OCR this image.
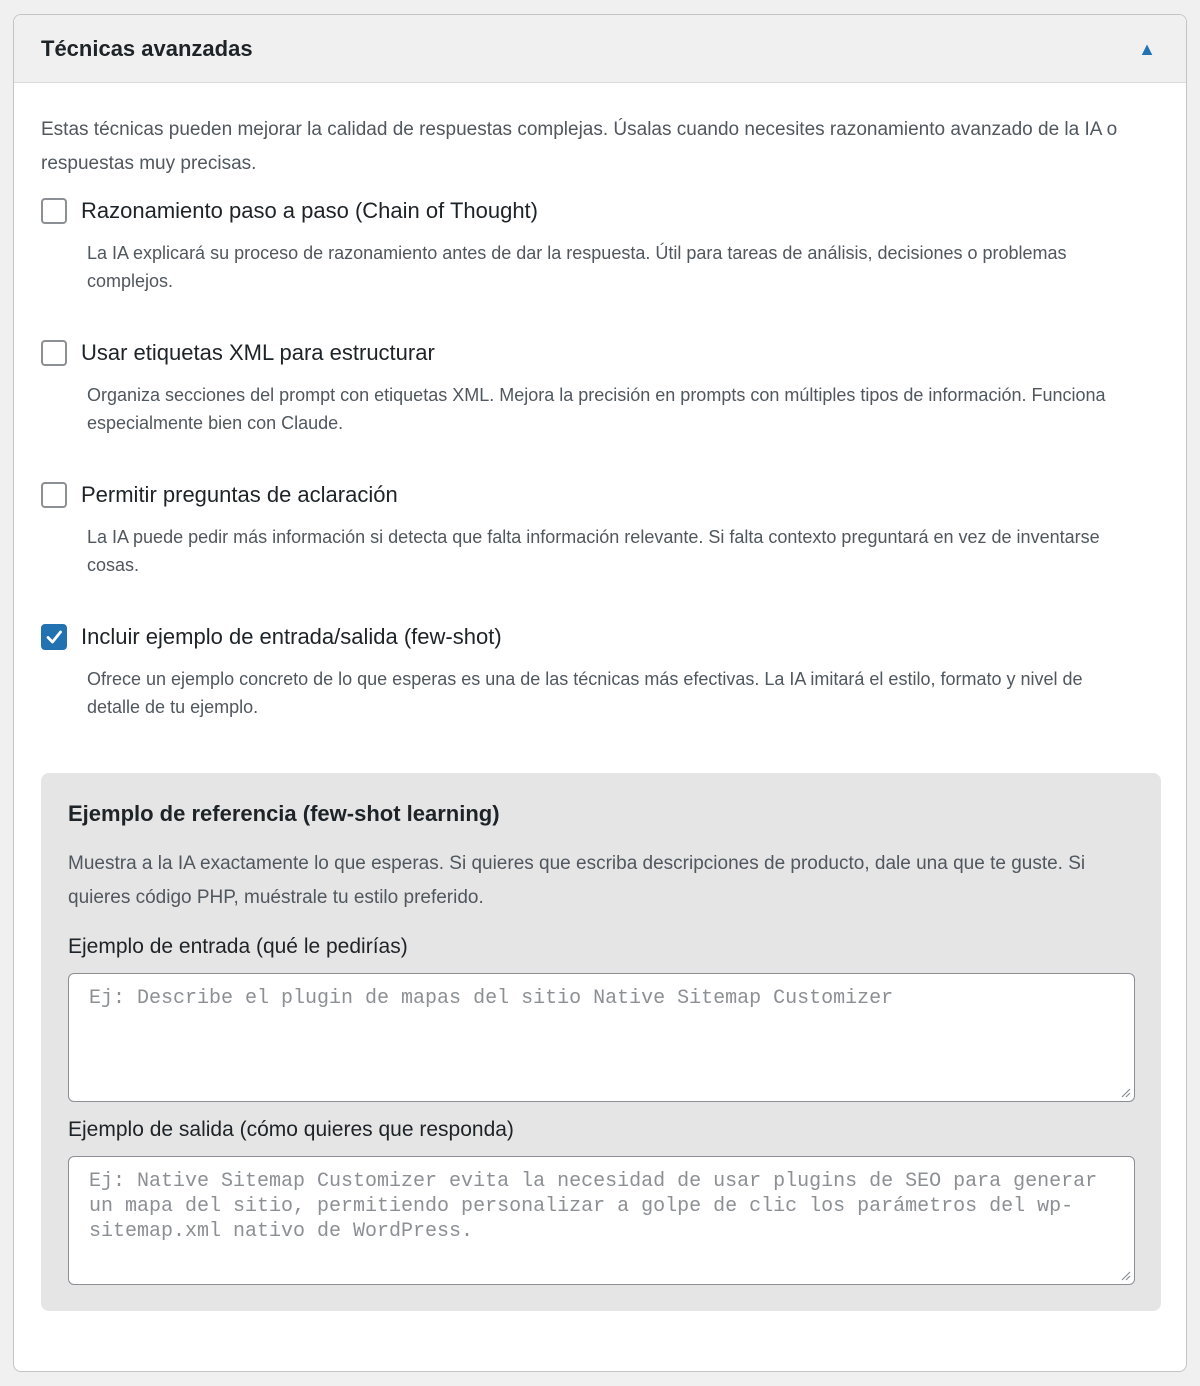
Técnicas avanzadas	▲

Estas técnicas pueden mejorar la calidad de respuestas complejas. Úsalas cuando necesites razonamiento avanzado de la IA o respuestas muy precisas.

Razonamiento paso a paso (Chain of Thought)

La IA explicará su proceso de razonamiento antes de dar la respuesta. Útil para tareas de análisis, decisiones o problemas complejos.

Usar etiquetas XML para estructurar

Organiza secciones del prompt con etiquetas XML. Mejora la precisión en prompts con múltiples tipos de información. Funciona especialmente bien con Claude.

Permitir preguntas de aclaración

La IA puede pedir más información si detecta que falta información relevante. Si falta contexto preguntará en vez de inventarse cosas.

Incluir ejemplo de entrada/salida (few-shot)

Ofrece un ejemplo concreto de lo que esperas es una de las técnicas más efectivas. La IA imitará el estilo, formato y nivel de detalle de tu ejemplo.

Ejemplo de referencia (few-shot learning)

Muestra a la IA exactamente lo que esperas. Si quieres que escriba descripciones de producto, dale una que te guste. Si quieres código PHP, muéstrale tu estilo preferido.

Ejemplo de entrada (qué le pedirías)
Ej: Describe el plugin de mapas del sitio Native Sitemap Customizer
Ejemplo de salida (cómo quieres que responda)
Ej: Native Sitemap Customizer evita la necesidad de usar plugins de SEO para generar un mapa del sitio, permitiendo personalizar a golpe de clic los parámetros del wp-sitemap.xml nativo de WordPress.
